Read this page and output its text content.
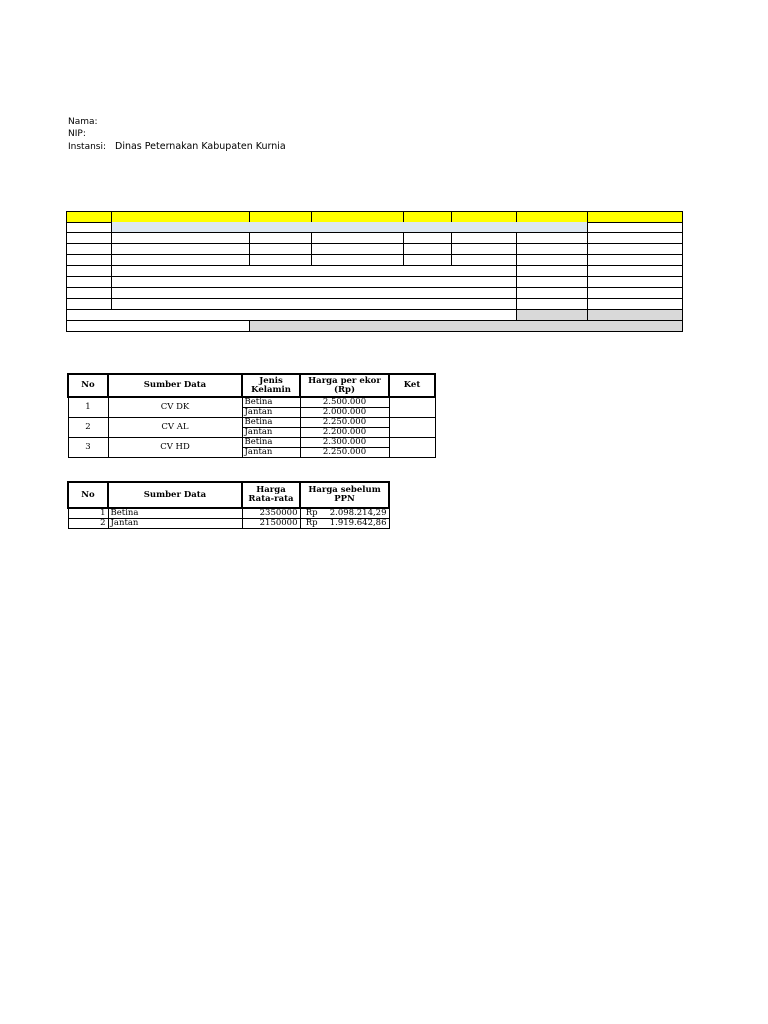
Nama:
NIP:
Instansi: Dinas Peternakan Kabupaten Kurnia
No	Sumber Data	Jenis Kelamin	Harga per ekor (Rp)	Ket
1	CV DK	Betina	2.500.000	
		Jantan	2.000.000	
2	CV AL	Betina	2.250.000	
		Jantan	2.200.000	
3	CV HD	Betina	2.300.000	
		Jantan	2.250.000	
No	Sumber Data	Harga Rata-rata	Harga sebelum PPN
1	Betina	2350000	Rp 2.098.214,29
2	Jantan	2150000	Rp 1.919.642,86
